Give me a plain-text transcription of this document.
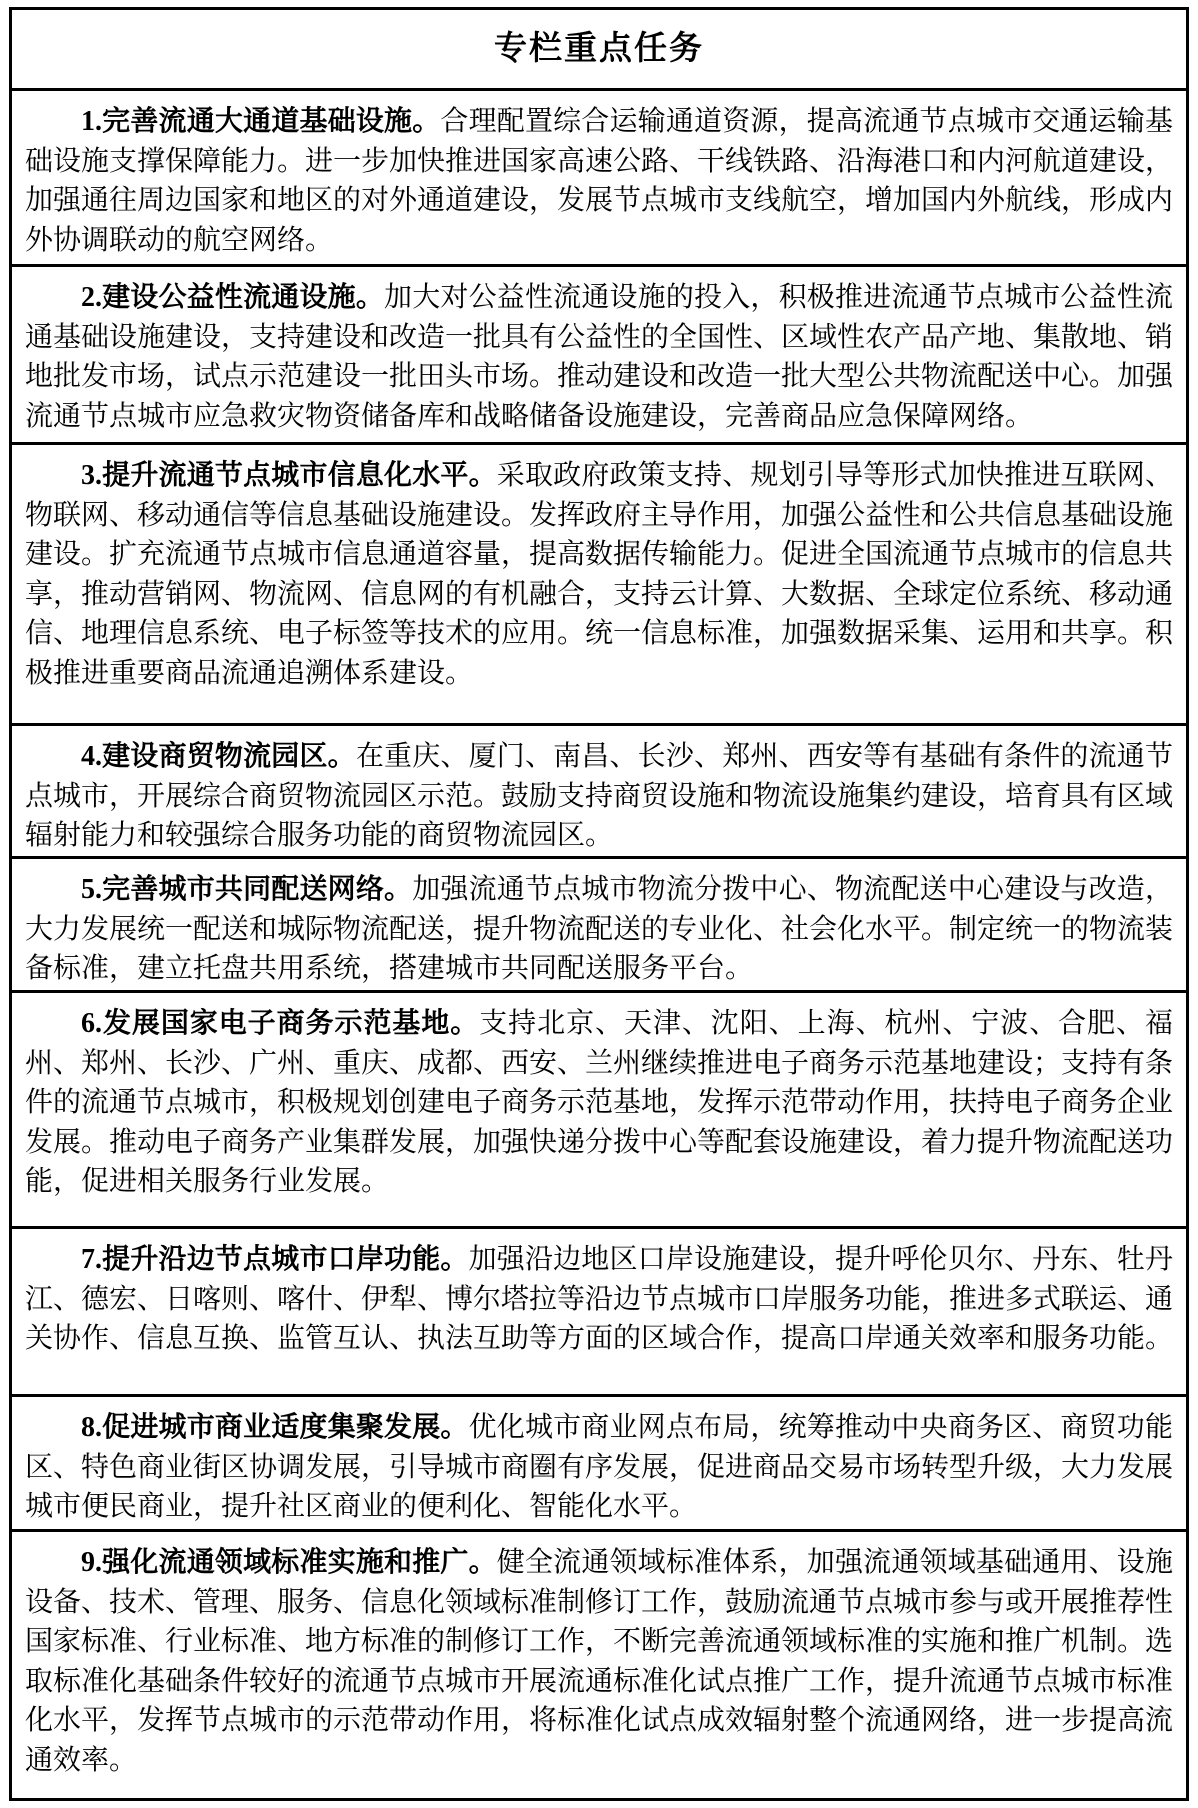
专栏重点任务

1.完善流通大通道基础设施。合理配置综合运输通道资源，提高流通节点城市交通运输基础设施支撑保障能力。进一步加快推进国家高速公路、干线铁路、沿海港口和内河航道建设，加强通往周边国家和地区的对外通道建设，发展节点城市支线航空，增加国内外航线，形成内外协调联动的航空网络。

2.建设公益性流通设施。加大对公益性流通设施的投入，积极推进流通节点城市公益性流通基础设施建设，支持建设和改造一批具有公益性的全国性、区域性农产品产地、集散地、销地批发市场，试点示范建设一批田头市场。推动建设和改造一批大型公共物流配送中心。加强流通节点城市应急救灾物资储备库和战略储备设施建设，完善商品应急保障网络。

3.提升流通节点城市信息化水平。采取政府政策支持、规划引导等形式加快推进互联网、物联网、移动通信等信息基础设施建设。发挥政府主导作用，加强公益性和公共信息基础设施建设。扩充流通节点城市信息通道容量，提高数据传输能力。促进全国流通节点城市的信息共享，推动营销网、物流网、信息网的有机融合，支持云计算、大数据、全球定位系统、移动通信、地理信息系统、电子标签等技术的应用。统一信息标准，加强数据采集、运用和共享。积极推进重要商品流通追溯体系建设。

4.建设商贸物流园区。在重庆、厦门、南昌、长沙、郑州、西安等有基础有条件的流通节点城市，开展综合商贸物流园区示范。鼓励支持商贸设施和物流设施集约建设，培育具有区域辐射能力和较强综合服务功能的商贸物流园区。

5.完善城市共同配送网络。加强流通节点城市物流分拨中心、物流配送中心建设与改造，大力发展统一配送和城际物流配送，提升物流配送的专业化、社会化水平。制定统一的物流装备标准，建立托盘共用系统，搭建城市共同配送服务平台。

6.发展国家电子商务示范基地。支持北京、天津、沈阳、上海、杭州、宁波、合肥、福州、郑州、长沙、广州、重庆、成都、西安、兰州继续推进电子商务示范基地建设；支持有条件的流通节点城市，积极规划创建电子商务示范基地，发挥示范带动作用，扶持电子商务企业发展。推动电子商务产业集群发展，加强快递分拨中心等配套设施建设，着力提升物流配送功能，促进相关服务行业发展。

7.提升沿边节点城市口岸功能。加强沿边地区口岸设施建设，提升呼伦贝尔、丹东、牡丹江、德宏、日喀则、喀什、伊犁、博尔塔拉等沿边节点城市口岸服务功能，推进多式联运、通关协作、信息互换、监管互认、执法互助等方面的区域合作，提高口岸通关效率和服务功能。

8.促进城市商业适度集聚发展。优化城市商业网点布局，统筹推动中央商务区、商贸功能区、特色商业街区协调发展，引导城市商圈有序发展，促进商品交易市场转型升级，大力发展城市便民商业，提升社区商业的便利化、智能化水平。

9.强化流通领域标准实施和推广。健全流通领域标准体系，加强流通领域基础通用、设施设备、技术、管理、服务、信息化领域标准制修订工作，鼓励流通节点城市参与或开展推荐性国家标准、行业标准、地方标准的制修订工作，不断完善流通领域标准的实施和推广机制。选取标准化基础条件较好的流通节点城市开展流通标准化试点推广工作，提升流通节点城市标准化水平，发挥节点城市的示范带动作用，将标准化试点成效辐射整个流通网络，进一步提高流通效率。
